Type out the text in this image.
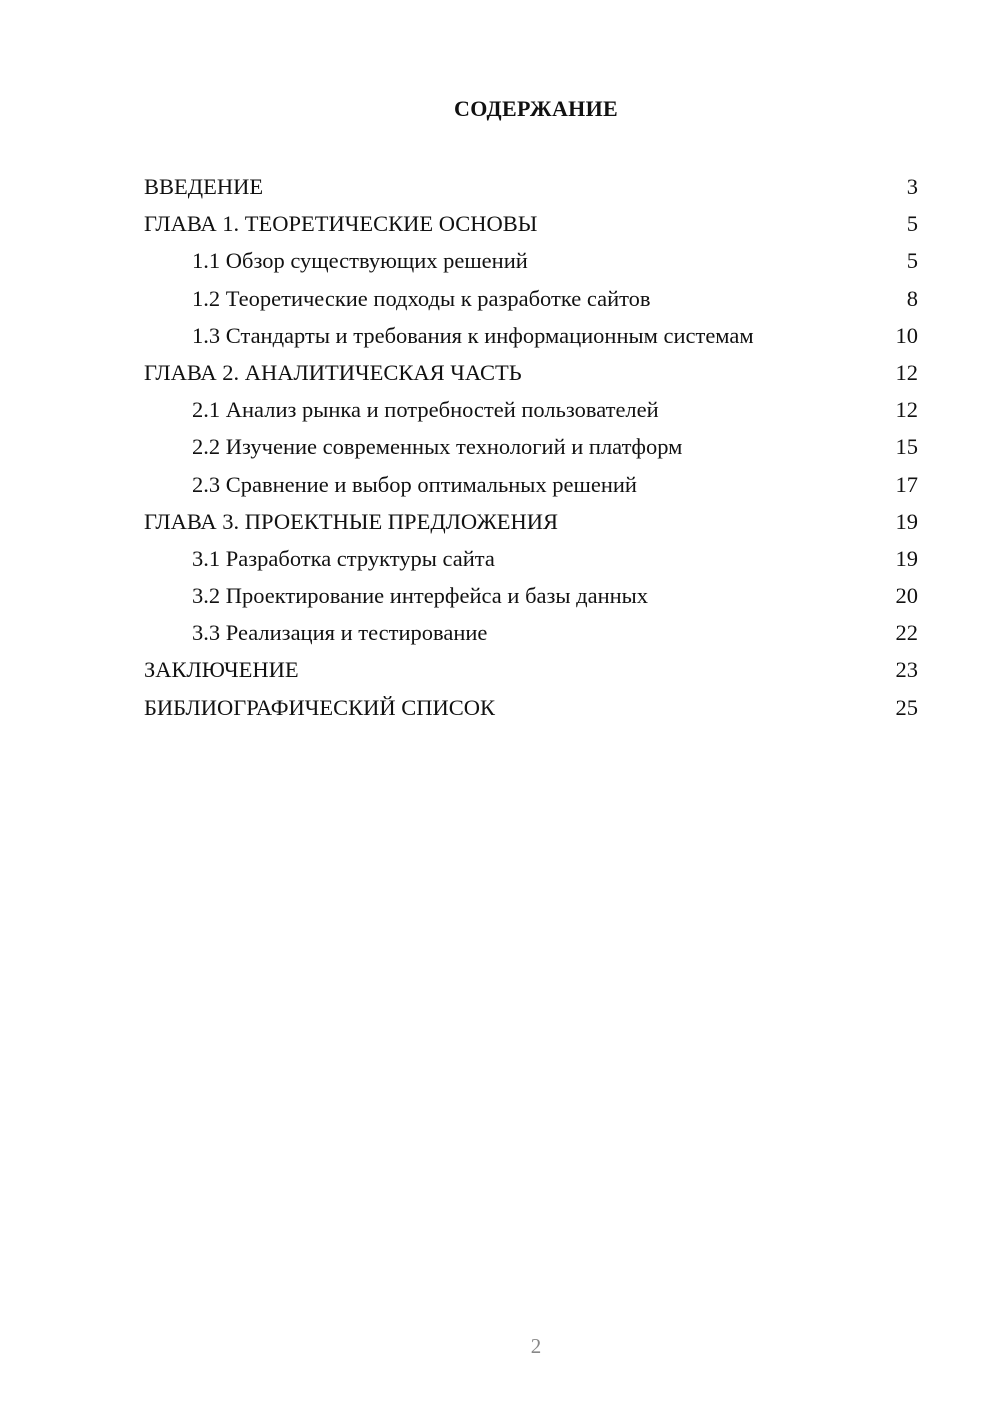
СОДЕРЖАНИЕ
ВВЕДЕНИЕ	3
ГЛАВА 1. ТЕОРЕТИЧЕСКИЕ ОСНОВЫ	5
1.1 Обзор существующих решений	5
1.2 Теоретические подходы к разработке сайтов	8
1.3 Стандарты и требования к информационным системам	10
ГЛАВА 2. АНАЛИТИЧЕСКАЯ ЧАСТЬ	12
2.1 Анализ рынка и потребностей пользователей	12
2.2 Изучение современных технологий и платформ	15
2.3 Сравнение и выбор оптимальных решений	17
ГЛАВА 3. ПРОЕКТНЫЕ ПРЕДЛОЖЕНИЯ	19
3.1 Разработка структуры сайта	19
3.2 Проектирование интерфейса и базы данных	20
3.3 Реализация и тестирование	22
ЗАКЛЮЧЕНИЕ	23
БИБЛИОГРАФИЧЕСКИЙ СПИСОК	25
2
